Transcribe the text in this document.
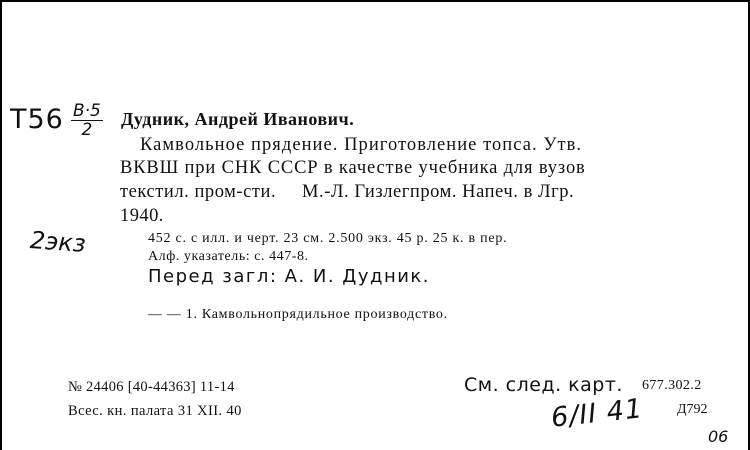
$Т56 \frac{В\cdot 5}{2}$
2экз
Дудник, Андрей Иванович.
Камвольное прядение. Приготовление топса. Утв.
ВКВШ при СНК СССР в качестве учебника для вузов
текстил. пром-сти.     М.-Л. Гизлегпром. Напеч. в Лгр.
1940.
452 с. с илл. и черт. 23 см. 2.500 экз. 45 р. 25 к. в пер.
Алф. указатель: с. 447-8.
Перед загл: А. И. Дудник.
— — 1. Камвольнопрядильное производство.
№ 24406 [40-44363] 11-14
Всес. кн. палата 31 XII. 40
См. след. карт. 677.302.2
Д792
6/II 41
06
